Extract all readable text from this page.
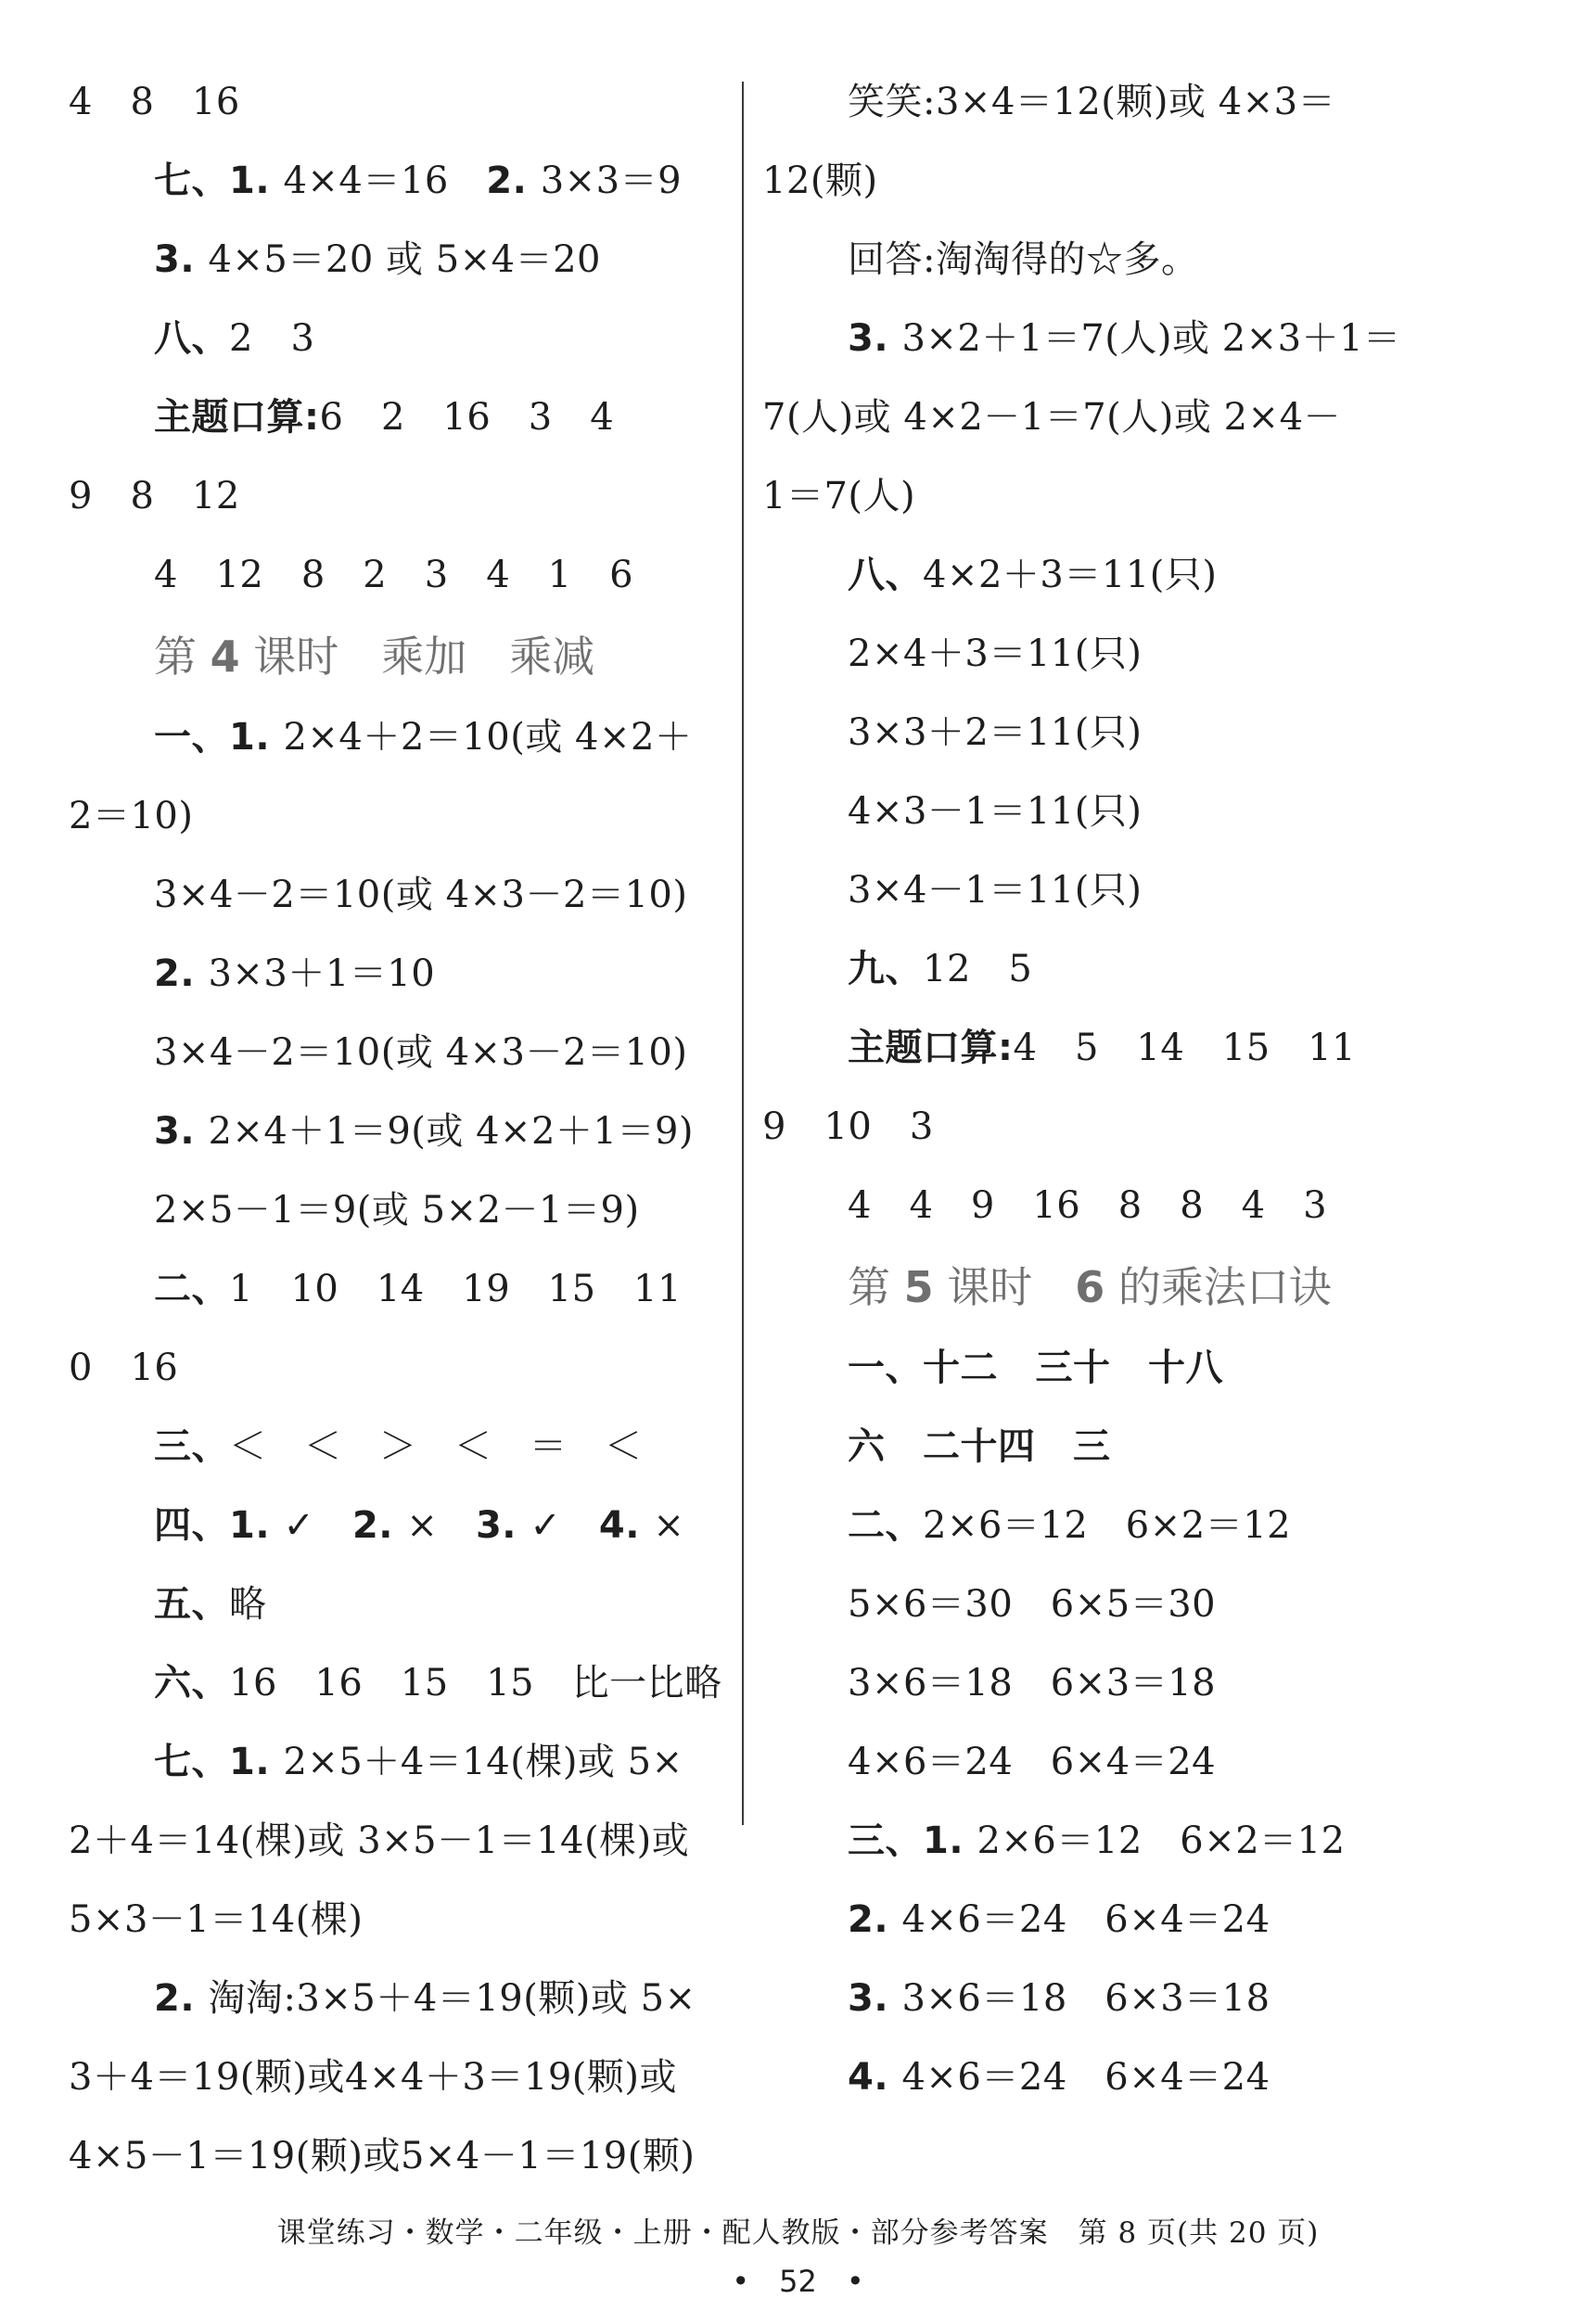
4　8　16
七、1. 4×4＝16　2. 3×3＝9
3. 4×5＝20 或 5×4＝20
八、2　3
主题口算:6　2　16　3　4
9　8　12
4　12　8　2　3　4　1　6
第 4 课时　乘加　乘减
一、1. 2×4＋2＝10(或 4×2＋
2＝10)
3×4－2＝10(或 4×3－2＝10)
2. 3×3＋1＝10
3×4－2＝10(或 4×3－2＝10)
3. 2×4＋1＝9(或 4×2＋1＝9)
2×5－1＝9(或 5×2－1＝9)
二、1　10　14　19　15　11
0　16
三、＜　＜　＞　＜　＝　＜
四、1. ✓　2. ×　3. ✓　4. ×
五、略
六、16　16　15　15　比一比略
七、1. 2×5＋4＝14(棵)或 5×
2＋4＝14(棵)或 3×5－1＝14(棵)或
5×3－1＝14(棵)
2. 淘淘:3×5＋4＝19(颗)或 5×
3＋4＝19(颗)或4×4＋3＝19(颗)或
4×5－1＝19(颗)或5×4－1＝19(颗)
笑笑:3×4＝12(颗)或 4×3＝
12(颗)
回答:淘淘得的☆多。
3. 3×2＋1＝7(人)或 2×3＋1＝
7(人)或 4×2－1＝7(人)或 2×4－
1＝7(人)
八、4×2＋3＝11(只)
2×4＋3＝11(只)
3×3＋2＝11(只)
4×3－1＝11(只)
3×4－1＝11(只)
九、12　5
主题口算:4　5　14　15　11
9　10　3
4　4　9　16　8　8　4　3
第 5 课时　6 的乘法口诀
一、十二　三十　十八
六　二十四　三
二、2×6＝12　6×2＝12
5×6＝30　6×5＝30
3×6＝18　6×3＝18
4×6＝24　6×4＝24
三、1. 2×6＝12　6×2＝12
2. 4×6＝24　6×4＝24
3. 3×6＝18　6×3＝18
4. 4×6＝24　6×4＝24
课堂练习・数学・二年级・上册・配人教版・部分参考答案　第 8 页(共 20 页)
•　52　•
